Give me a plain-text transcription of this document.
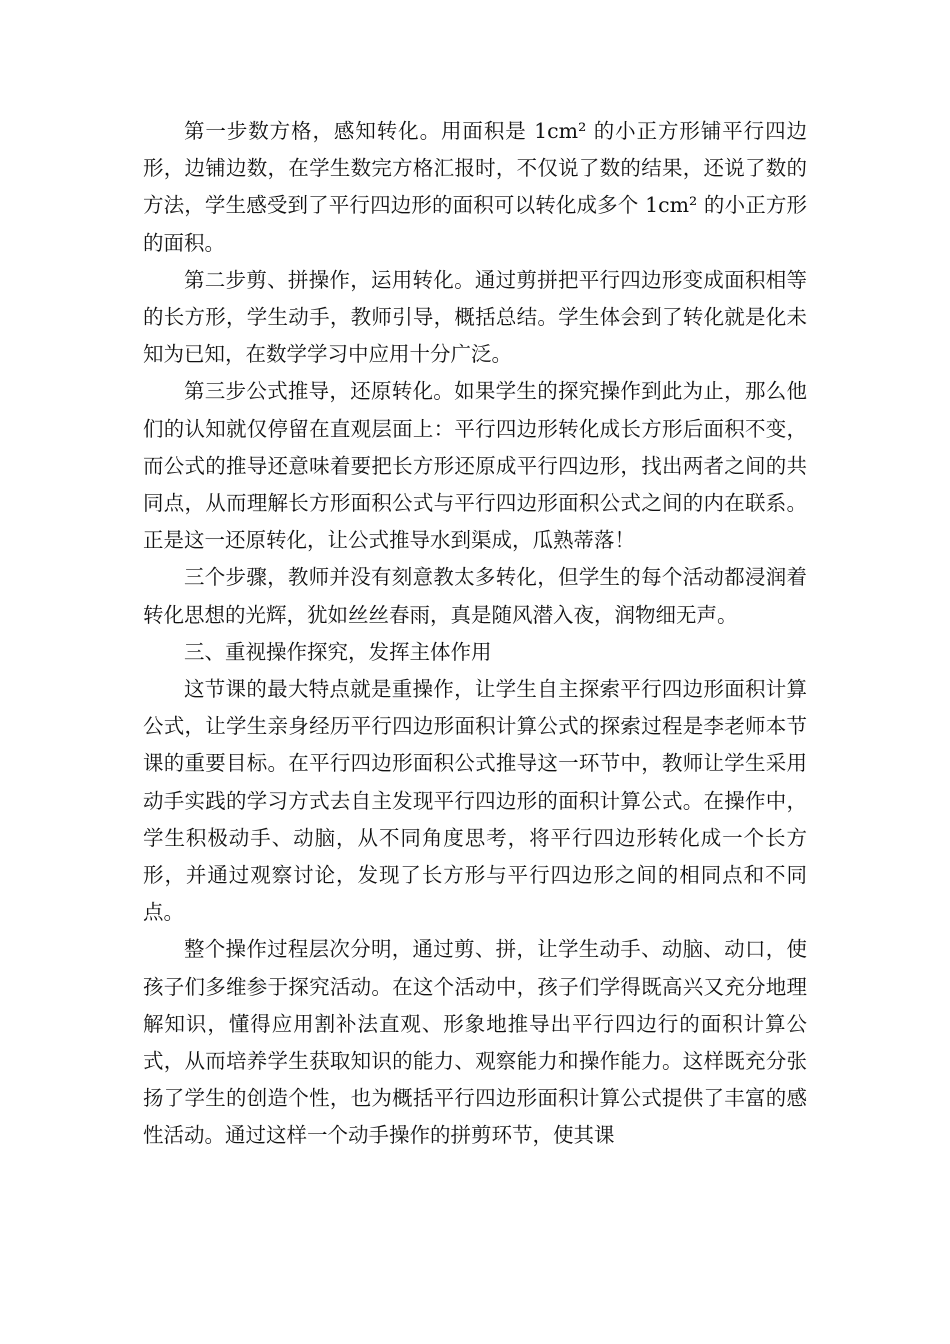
第一步数方格，感知转化。用面积是 1cm² 的小正方形铺平行四边形，边铺边数，在学生数完方格汇报时，不仅说了数的结果，还说了数的方法，学生感受到了平行四边形的面积可以转化成多个 1cm² 的小正方形的面积。

第二步剪、拼操作，运用转化。通过剪拼把平行四边形变成面积相等的长方形，学生动手，教师引导，概括总结。学生体会到了转化就是化未知为已知，在数学学习中应用十分广泛。

第三步公式推导，还原转化。如果学生的探究操作到此为止，那么他们的认知就仅停留在直观层面上：平行四边形转化成长方形后面积不变，而公式的推导还意味着要把长方形还原成平行四边形，找出两者之间的共同点，从而理解长方形面积公式与平行四边形面积公式之间的内在联系。正是这一还原转化，让公式推导水到渠成，瓜熟蒂落！

三个步骤，教师并没有刻意教太多转化，但学生的每个活动都浸润着转化思想的光辉，犹如丝丝春雨，真是随风潜入夜，润物细无声。

三、重视操作探究，发挥主体作用

这节课的最大特点就是重操作，让学生自主探索平行四边形面积计算公式，让学生亲身经历平行四边形面积计算公式的探索过程是李老师本节课的重要目标。在平行四边形面积公式推导这一环节中，教师让学生采用动手实践的学习方式去自主发现平行四边形的面积计算公式。在操作中，学生积极动手、动脑，从不同角度思考，将平行四边形转化成一个长方形，并通过观察讨论，发现了长方形与平行四边形之间的相同点和不同点。

整个操作过程层次分明，通过剪、拼，让学生动手、动脑、动口，使孩子们多维参于探究活动。在这个活动中，孩子们学得既高兴又充分地理解知识，懂得应用割补法直观、形象地推导出平行四边行的面积计算公式，从而培养学生获取知识的能力、观察能力和操作能力。这样既充分张扬了学生的创造个性，也为概括平行四边形面积计算公式提供了丰富的感性活动。通过这样一个动手操作的拼剪环节，使其课
